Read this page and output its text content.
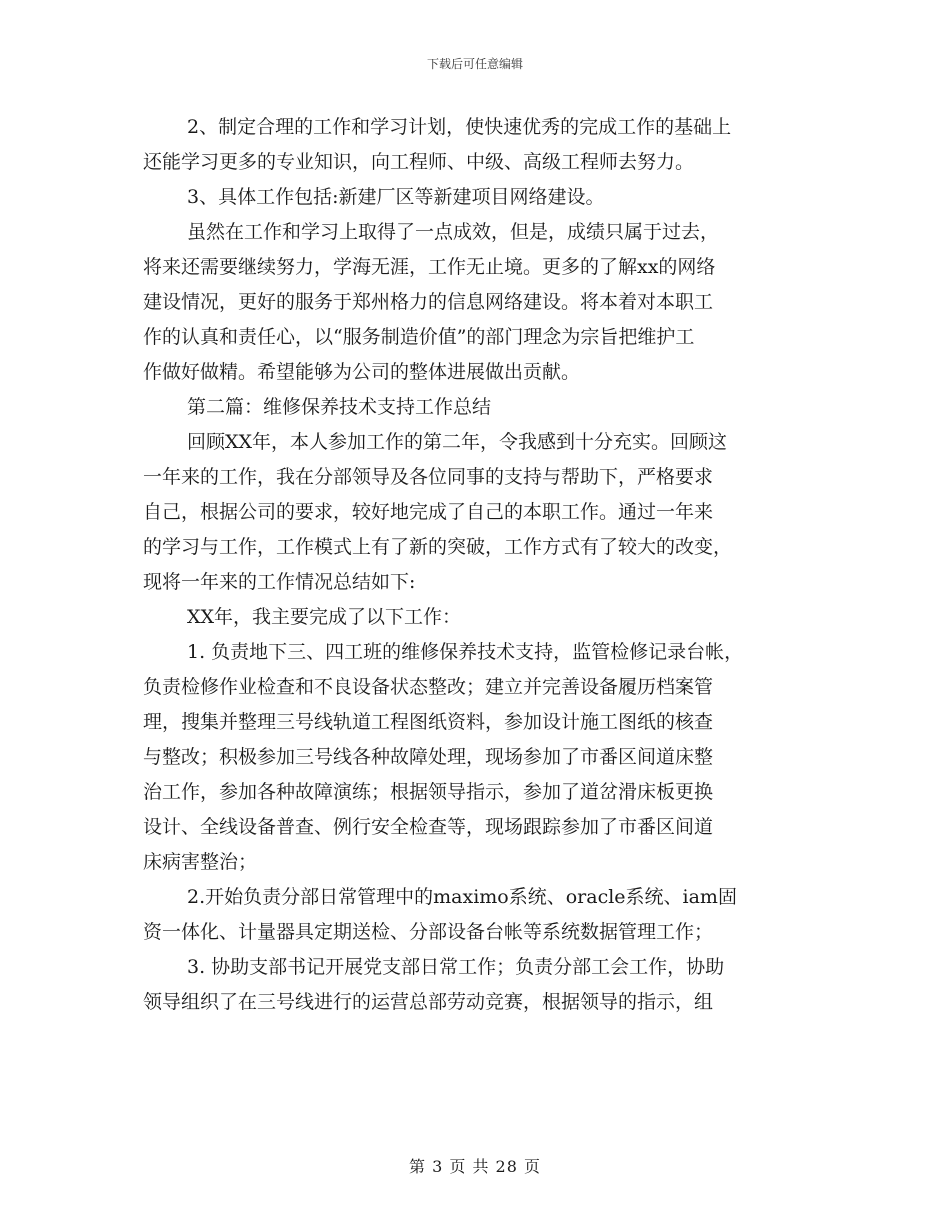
下载后可任意编辑
2、制定合理的工作和学习计划，使快速优秀的完成工作的基础上
还能学习更多的专业知识，向工程师、中级、高级工程师去努力。
3、具体工作包括:新建厂区等新建项目网络建设。
虽然在工作和学习上取得了一点成效，但是，成绩只属于过去，
将来还需要继续努力，学海无涯，工作无止境。更多的了解xx的网络
建设情况，更好的服务于郑州格力的信息网络建设。将本着对本职工
作的认真和责任心，以“服务制造价值”的部门理念为宗旨把维护工
作做好做精。希望能够为公司的整体进展做出贡献。
第二篇：维修保养技术支持工作总结
回顾XX年，本人参加工作的第二年，令我感到十分充实。回顾这
一年来的工作，我在分部领导及各位同事的支持与帮助下，严格要求
自己，根据公司的要求，较好地完成了自己的本职工作。通过一年来
的学习与工作，工作模式上有了新的突破，工作方式有了较大的改变，
现将一年来的工作情况总结如下:
XX年，我主要完成了以下工作：
1. 负责地下三、四工班的维修保养技术支持，监管检修记录台帐，
负责检修作业检查和不良设备状态整改；建立并完善设备履历档案管
理，搜集并整理三号线轨道工程图纸资料，参加设计施工图纸的核查
与整改；积极参加三号线各种故障处理，现场参加了市番区间道床整
治工作，参加各种故障演练；根据领导指示，参加了道岔滑床板更换
设计、全线设备普查、例行安全检查等，现场跟踪参加了市番区间道
床病害整治；
2.开始负责分部日常管理中的maximo系统、oracle系统、iam固
资一体化、计量器具定期送检、分部设备台帐等系统数据管理工作；
3. 协助支部书记开展党支部日常工作；负责分部工会工作，协助
领导组织了在三号线进行的运营总部劳动竞赛，根据领导的指示，组
第 3 页 共 28 页
